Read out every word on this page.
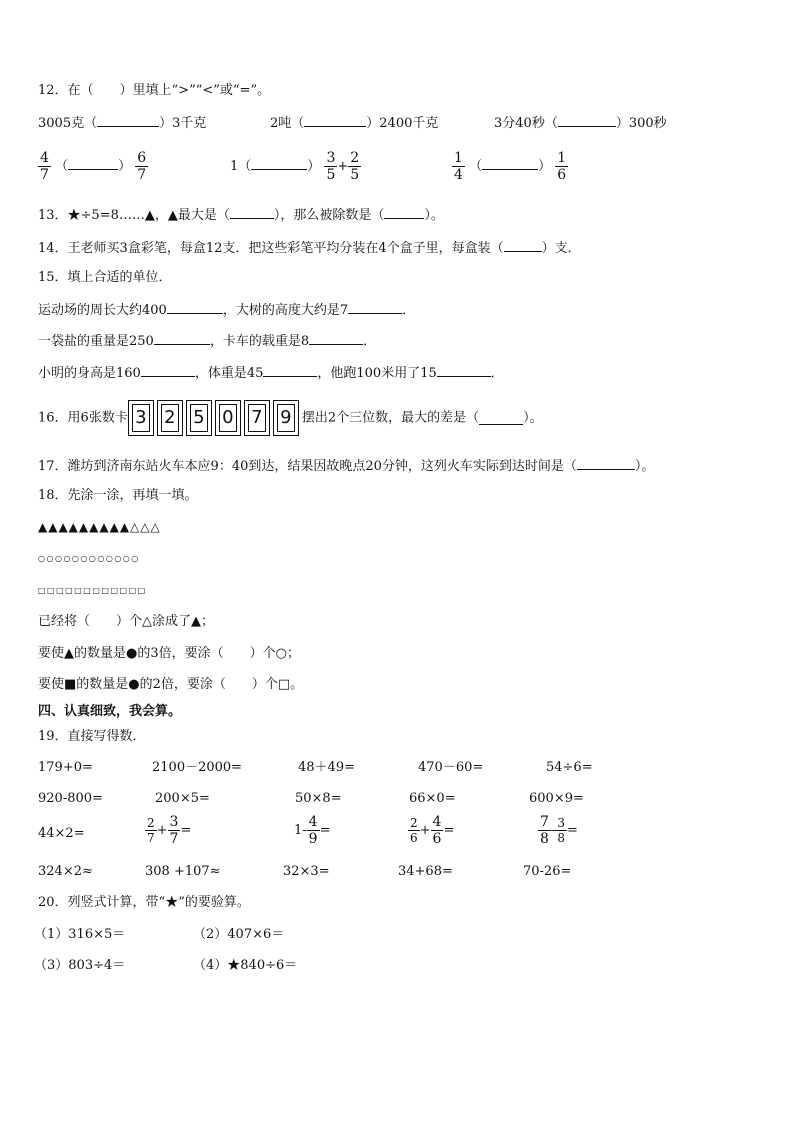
12．在（　　）里填上“>”“<”或“=”。
3005克（	）3千克	2吨（	）2400千克	3分40秒（	）300秒
$\frac{4}{7}$ （	） $\frac{6}{7}$	1（	） $\frac{3}{5} + \frac{2}{5}$	$\frac{1}{4}$ （	） $\frac{1}{6}$
13．★÷5=8……▲，▲最大是（	），那么被除数是（	）。
14．王老师买3盒彩笔，每盒12支．把这些彩笔平均分装在4个盒子里，每盒装（	）支．
15．填上合适的单位．
运动场的周长大约400	，大树的高度大约是7	．
一袋盐的重量是250	，卡车的载重是8	．
小明的身高是160	，体重是45	，他跑100米用了15	．
16．用6张数卡 3 2 5 0 7 9 摆出2个三位数，最大的差是（	）。
17．潍坊到济南东站火车本应9：40到达，结果因故晚点20分钟，这列火车实际到达时间是（	）。
18．先涂一涂，再填一填。
▲▲▲▲▲▲▲▲▲△△△
○○○○○○○○○○○○
□□□□□□□□□□□□
已经将（　　）个△涂成了▲；
要使▲的数量是●的3倍，要涂（　　）个○；
要使■的数量是●的2倍，要涂（　　）个□。
四、认真细致，我会算。
19．直接写得数．
179+0=	2100－2000=	48＋49=	470－60=	54÷6=
920-800=	200×5=	50×8=	66×0=	600×9=
44×2=	$\frac{2}{7} + \frac{3}{7}$ =	$1- \frac{4}{9}$ =	$\frac{2}{6} + \frac{4}{6}$ =	$\frac{7}{8} - \frac{3}{8}$ =
324×2≈	308 +107≈	32×3=	34+68=	70-26=
20．列竖式计算，带“★”的要验算。
（1）316×5＝	（2）407×6＝
（3）803÷4＝	（4）★840÷6＝
